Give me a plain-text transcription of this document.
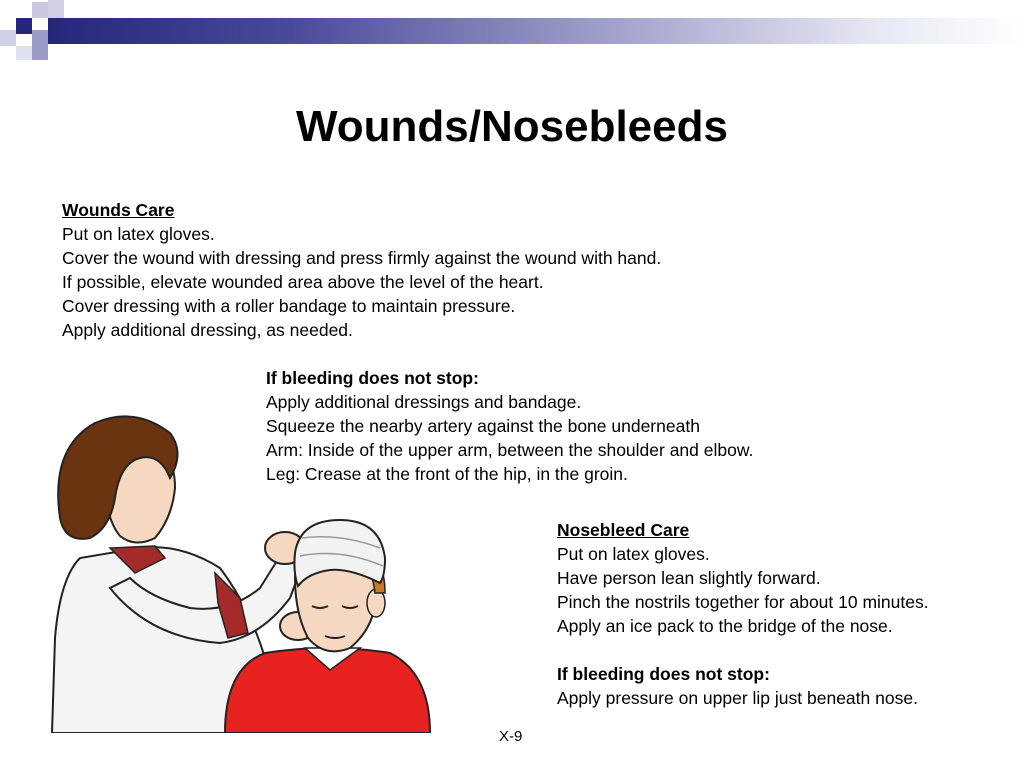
Wounds/Nosebleeds
Wounds Care
Put on latex gloves.
Cover the wound with dressing and press firmly against the wound with hand.
If possible, elevate wounded area above the level of the heart.
Cover dressing with a roller bandage to maintain pressure.
Apply additional dressing, as needed.
If bleeding does not stop:
Apply additional dressings and bandage.
Squeeze the nearby artery against the bone underneath
Arm: Inside of the upper arm, between the shoulder and elbow.
Leg: Crease at the front of the hip, in the groin.
Nosebleed Care
Put on latex gloves.
Have person lean slightly forward.
Pinch the nostrils together for about 10 minutes.
Apply an ice pack to the bridge of the nose.
If bleeding does not stop:
Apply pressure on upper lip just beneath nose.
X-9
